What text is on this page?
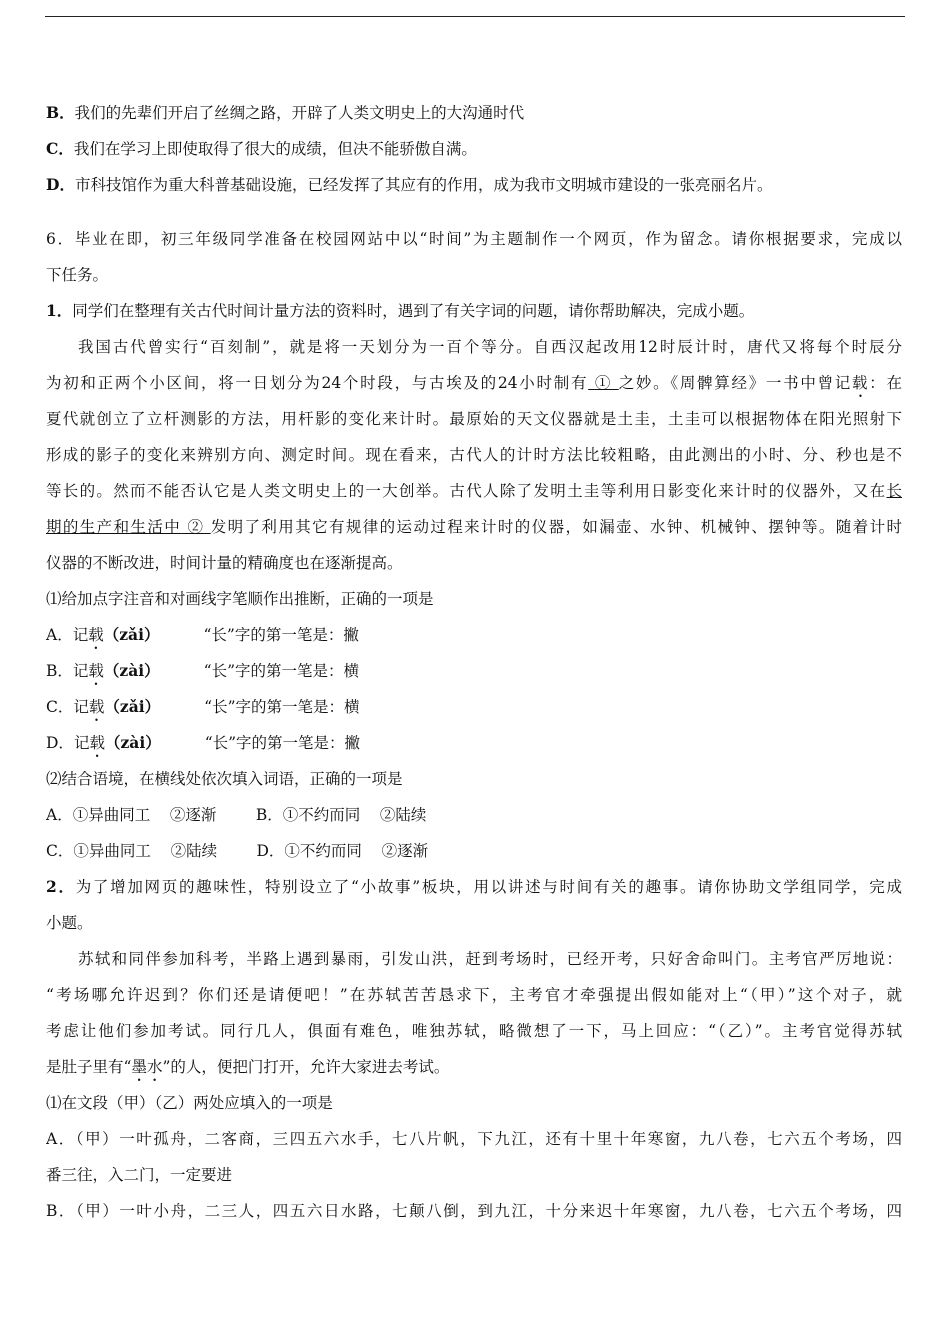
B．我们的先辈们开启了丝绸之路，开辟了人类文明史上的大沟通时代
C．我们在学习上即使取得了很大的成绩，但决不能骄傲自满。
D．市科技馆作为重大科普基础设施，已经发挥了其应有的作用，成为我市文明城市建设的一张亮丽名片。
6．毕业在即，初三年级同学准备在校园网站中以“时间”为主题制作一个网页，作为留念。请你根据要求，完成以
下任务。
1．同学们在整理有关古代时间计量方法的资料时，遇到了有关字词的问题，请你帮助解决，完成小题。
我国古代曾实行“百刻制”，就是将一天划分为一百个等分。自西汉起改用12时辰计时，唐代又将每个时辰分
为初和正两个小区间，将一日划分为24个时段，与古埃及的24小时制有 ① 之妙。《周髀算经》一书中曾记载：在
夏代就创立了立杆测影的方法，用杆影的变化来计时。最原始的天文仪器就是土圭，土圭可以根据物体在阳光照射下
形成的影子的变化来辨别方向、测定时间。现在看来，古代人的计时方法比较粗略，由此测出的小时、分、秒也是不
等长的。然而不能否认它是人类文明史上的一大创举。古代人除了发明土圭等利用日影变化来计时的仪器外，又在长
期的生产和生活中 ② 发明了利用其它有规律的运动过程来计时的仪器，如漏壶、水钟、机械钟、摆钟等。随着计时
仪器的不断改进，时间计量的精确度也在逐渐提高。
⑴给加点字注音和对画线字笔顺作出推断，正确的一项是
A．记载（zǎi）	“长”字的第一笔是：撇
B．记载（zài）	“长”字的第一笔是：横
C．记载（zǎi）	“长”字的第一笔是：横
D．记载（zài）	“长”字的第一笔是：撇
⑵结合语境，在横线处依次填入词语，正确的一项是
A．①异曲同工    ②逐渐        B．①不约而同    ②陆续
C．①异曲同工    ②陆续        D．①不约而同    ②逐渐
2．为了增加网页的趣味性，特别设立了“小故事”板块，用以讲述与时间有关的趣事。请你协助文学组同学，完成
小题。
苏轼和同伴参加科考，半路上遇到暴雨，引发山洪，赶到考场时，已经开考，只好舍命叫门。主考官严厉地说：
“考场哪允许迟到？你们还是请便吧！”在苏轼苦苦恳求下，主考官才牵强提出假如能对上“（甲）”这个对子，就
考虑让他们参加考试。同行几人，俱面有难色，唯独苏轼，略微想了一下，马上回应：“（乙）”。主考官觉得苏轼
是肚子里有“墨水”的人，便把门打开，允许大家进去考试。
⑴在文段（甲）（乙）两处应填入的一项是
A．（甲）一叶孤舟，二客商，三四五六水手，七八片帆，下九江，还有十里十年寒窗，九八卷，七六五个考场，四
番三往，入二门，一定要进
B．（甲）一叶小舟，二三人，四五六日水路，七颠八倒，到九江，十分来迟十年寒窗，九八卷，七六五个考场，四
